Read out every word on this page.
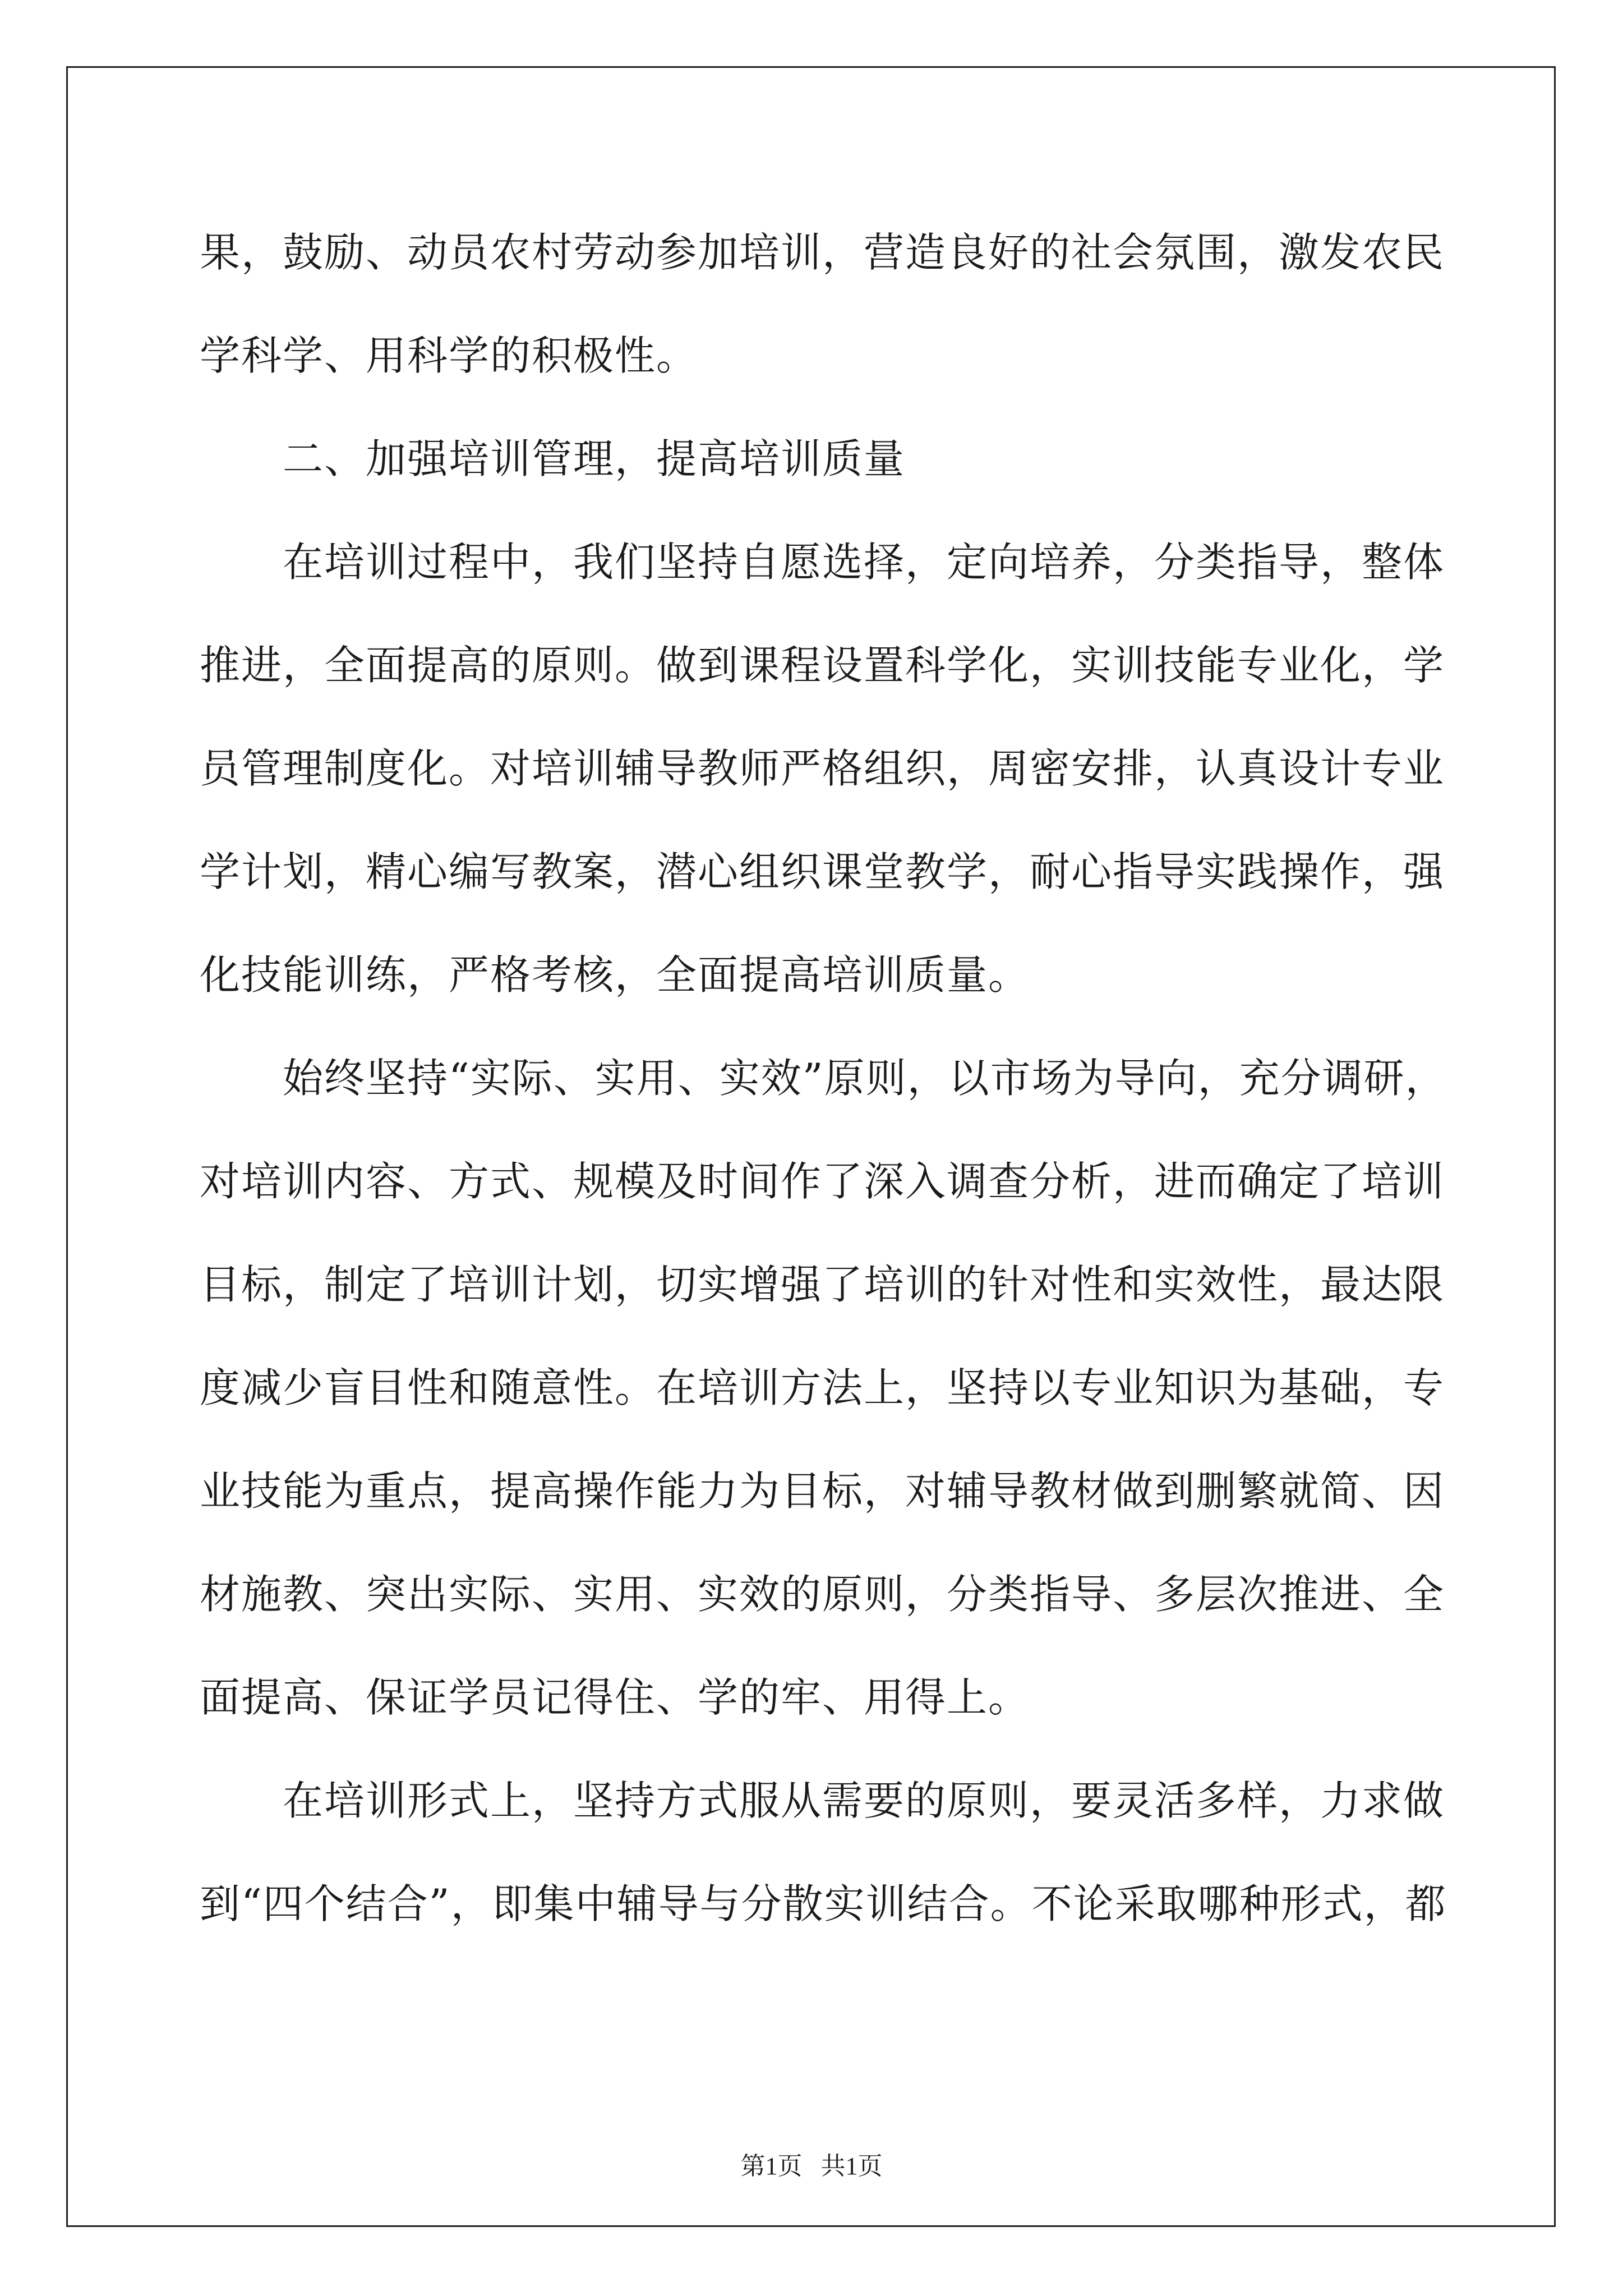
果，鼓励、动员农村劳动参加培训，营造良好的社会氛围，激发农民
学科学、用科学的积极性。
二、加强培训管理，提高培训质量
在培训过程中，我们坚持自愿选择，定向培养，分类指导，整体
推进，全面提高的原则。做到课程设置科学化，实训技能专业化，学
员管理制度化。对培训辅导教师严格组织，周密安排，认真设计专业
学计划，精心编写教案，潜心组织课堂教学，耐心指导实践操作，强
化技能训练，严格考核，全面提高培训质量。
始终坚持“实际、实用、实效”原则，以市场为导向，充分调研，
对培训内容、方式、规模及时间作了深入调查分析，进而确定了培训
目标，制定了培训计划，切实增强了培训的针对性和实效性，最达限
度减少盲目性和随意性。在培训方法上，坚持以专业知识为基础，专
业技能为重点，提高操作能力为目标，对辅导教材做到删繁就简、因
材施教、突出实际、实用、实效的原则，分类指导、多层次推进、全
面提高、保证学员记得住、学的牢、用得上。
在培训形式上，坚持方式服从需要的原则，要灵活多样，力求做
到“四个结合”，即集中辅导与分散实训结合。不论采取哪种形式，都
第1页   共1页
